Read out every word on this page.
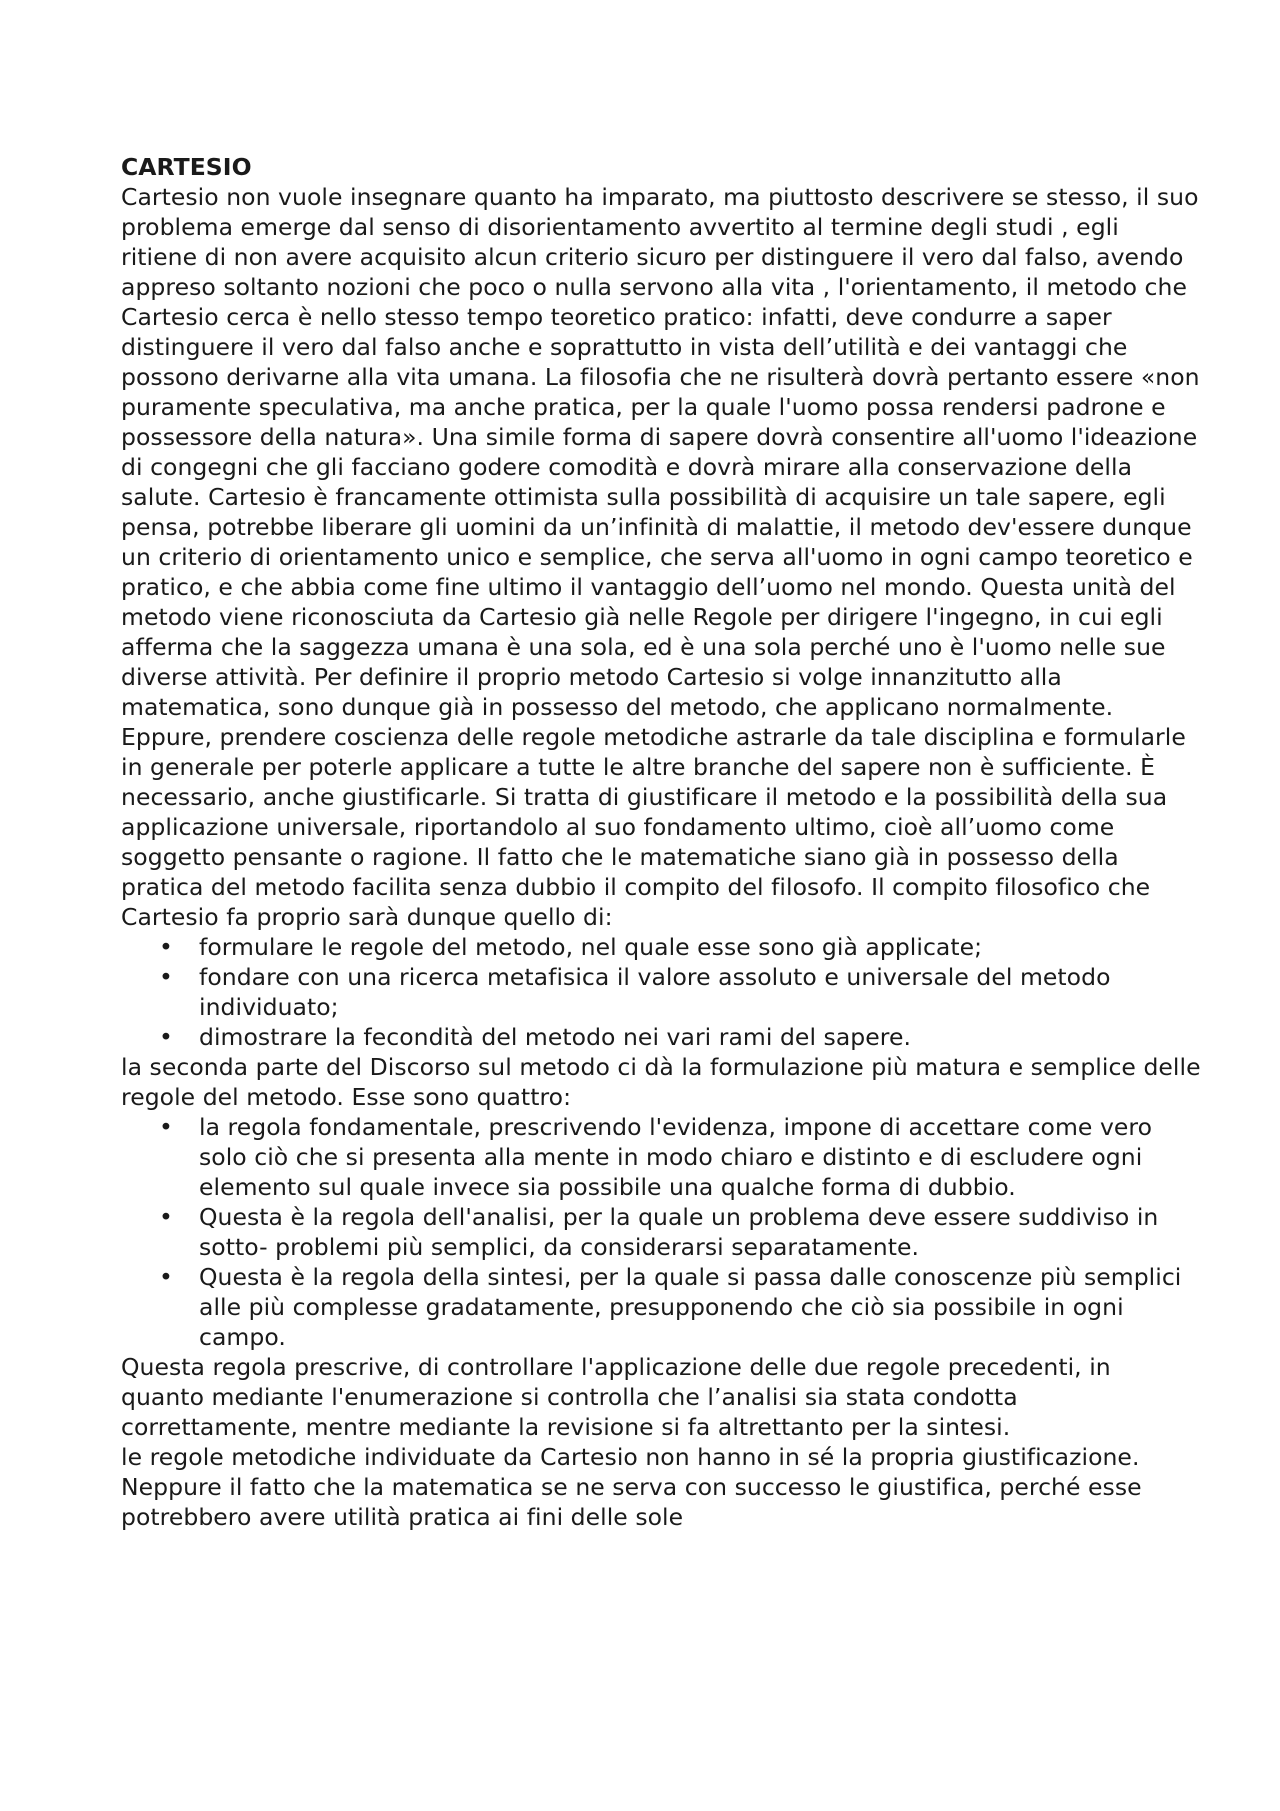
CARTESIO

Cartesio non vuole insegnare quanto ha imparato, ma piuttosto descrivere se stesso, il suo problema emerge dal senso di disorientamento avvertito al termine degli studi , egli ritiene di non avere acquisito alcun criterio sicuro per distinguere il vero dal falso, avendo appreso soltanto nozioni che poco o nulla servono alla vita , l'orientamento, il metodo che Cartesio cerca è nello stesso tempo teoretico pratico: infatti, deve condurre a saper distinguere il vero dal falso anche e soprattutto in vista dell’utilità e dei vantaggi che possono derivarne alla vita umana. La filosofia che ne risulterà dovrà pertanto essere «non puramente speculativa, ma anche pratica, per la quale l'uomo possa rendersi padrone e possessore della natura». Una simile forma di sapere dovrà consentire all'uomo l'ideazione di congegni che gli facciano godere comodità e dovrà mirare alla conservazione della salute. Cartesio è francamente ottimista sulla possibilità di acquisire un tale sapere, egli pensa, potrebbe liberare gli uomini da un’infinità di malattie, il metodo dev'essere dunque un criterio di orientamento unico e semplice, che serva all'uomo in ogni campo teoretico e pratico, e che abbia come fine ultimo il vantaggio dell’uomo nel mondo. Questa unità del metodo viene riconosciuta da Cartesio già nelle Regole per dirigere l'ingegno, in cui egli afferma che la saggezza umana è una sola, ed è una sola perché uno è l'uomo nelle sue diverse attività. Per definire il proprio metodo Cartesio si volge innanzitutto alla matematica, sono dunque già in possesso del metodo, che applicano normalmente. Eppure, prendere coscienza delle regole metodiche astrarle da tale disciplina e formularle in generale per poterle applicare a tutte le altre branche del sapere non è sufficiente. È necessario, anche giustificarle. Si tratta di giustificare il metodo e la possibilità della sua applicazione universale, riportandolo al suo fondamento ultimo, cioè all’uomo come soggetto pensante o ragione. Il fatto che le matematiche siano già in possesso della pratica del metodo facilita senza dubbio il compito del filosofo. Il compito filosofico che Cartesio fa proprio sarà dunque quello di:

• formulare le regole del metodo, nel quale esse sono già applicate;
• fondare con una ricerca metafisica il valore assoluto e universale del metodo individuato;
• dimostrare la fecondità del metodo nei vari rami del sapere.

la seconda parte del Discorso sul metodo ci dà la formulazione più matura e semplice delle regole del metodo. Esse sono quattro:

• la regola fondamentale, prescrivendo l'evidenza, impone di accettare come vero solo ciò che si presenta alla mente in modo chiaro e distinto e di escludere ogni elemento sul quale invece sia possibile una qualche forma di dubbio.
• Questa è la regola dell'analisi, per la quale un problema deve essere suddiviso in sotto- problemi più semplici, da considerarsi separatamente.
• Questa è la regola della sintesi, per la quale si passa dalle conoscenze più semplici alle più complesse gradatamente, presupponendo che ciò sia possibile in ogni campo.

Questa regola prescrive, di controllare l'applicazione delle due regole precedenti, in quanto mediante l'enumerazione si controlla che l’analisi sia stata condotta correttamente, mentre mediante la revisione si fa altrettanto per la sintesi.

le regole metodiche individuate da Cartesio non hanno in sé la propria giustificazione. Neppure il fatto che la matematica se ne serva con successo le giustifica, perché esse potrebbero avere utilità pratica ai fini delle sole
